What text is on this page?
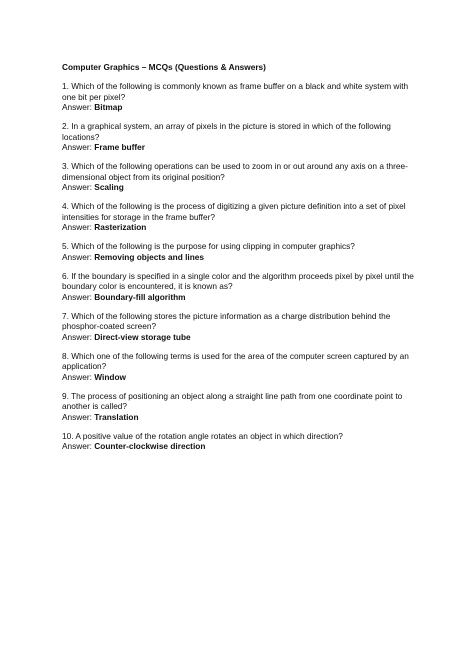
Computer Graphics – MCQs (Questions & Answers)
1. Which of the following is commonly known as frame buffer on a black and white system with one bit per pixel?
Answer: Bitmap
2. In a graphical system, an array of pixels in the picture is stored in which of the following locations?
Answer: Frame buffer
3. Which of the following operations can be used to zoom in or out around any axis on a three-dimensional object from its original position?
Answer: Scaling
4. Which of the following is the process of digitizing a given picture definition into a set of pixel intensities for storage in the frame buffer?
Answer: Rasterization
5. Which of the following is the purpose for using clipping in computer graphics?
Answer: Removing objects and lines
6. If the boundary is specified in a single color and the algorithm proceeds pixel by pixel until the boundary color is encountered, it is known as?
Answer: Boundary-fill algorithm
7. Which of the following stores the picture information as a charge distribution behind the phosphor-coated screen?
Answer: Direct-view storage tube
8. Which one of the following terms is used for the area of the computer screen captured by an application?
Answer: Window
9. The process of positioning an object along a straight line path from one coordinate point to another is called?
Answer: Translation
10. A positive value of the rotation angle rotates an object in which direction?
Answer: Counter-clockwise direction
